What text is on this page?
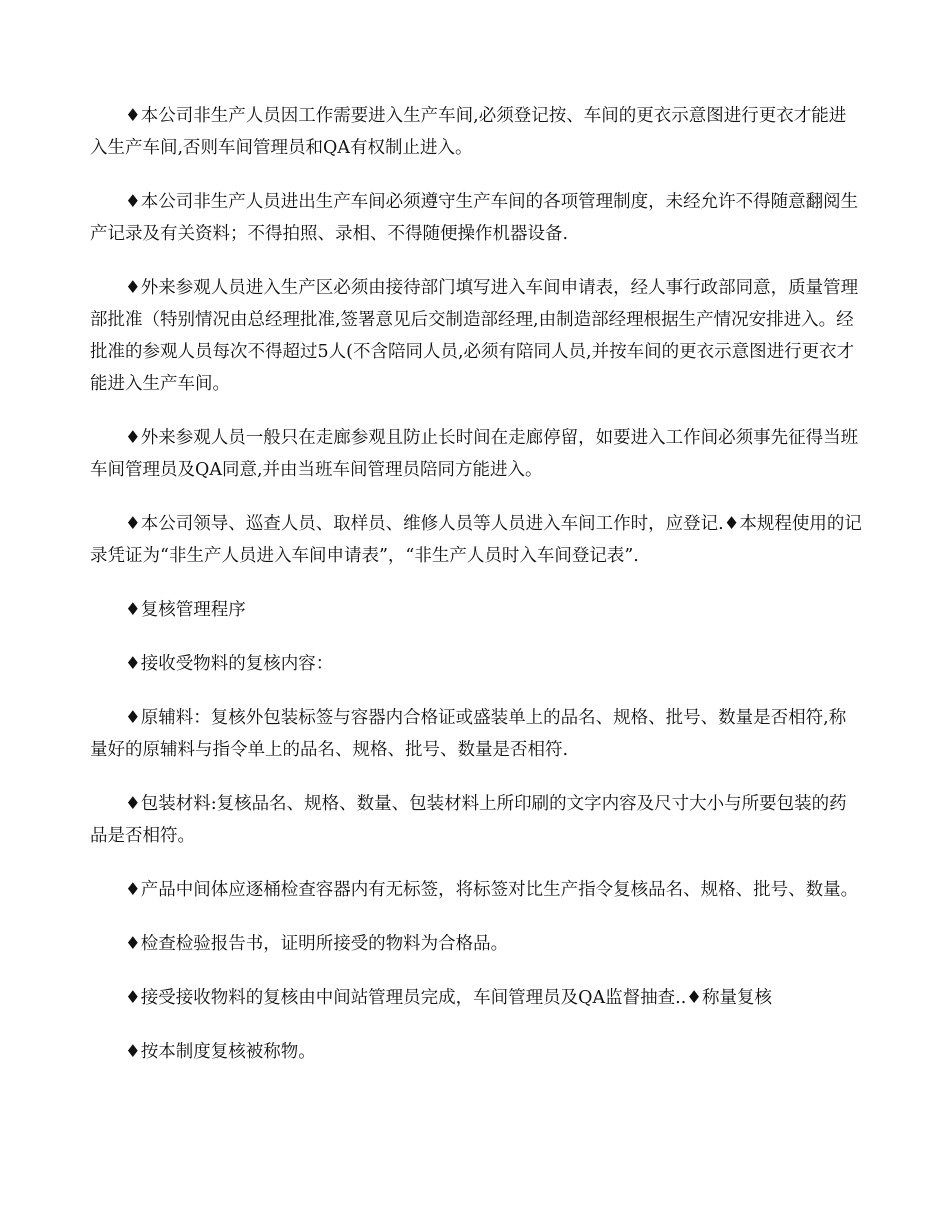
♦本公司非生产人员因工作需要进入生产车间,必须登记按、车间的更衣示意图进行更衣才能进入生产车间,否则车间管理员和QA有权制止进入。

♦本公司非生产人员进出生产车间必须遵守生产车间的各项管理制度，未经允许不得随意翻阅生产记录及有关资料；不得拍照、录相、不得随便操作机器设备.

♦外来参观人员进入生产区必须由接待部门填写进入车间申请表，经人事行政部同意，质量管理部批准（特别情况由总经理批准,签署意见后交制造部经理,由制造部经理根据生产情况安排进入。经批准的参观人员每次不得超过5人(不含陪同人员,必须有陪同人员,并按车间的更衣示意图进行更衣才能进入生产车间。

♦外来参观人员一般只在走廊参观且防止长时间在走廊停留，如要进入工作间必须事先征得当班车间管理员及QA同意,并由当班车间管理员陪同方能进入。

♦本公司领导、巡查人员、取样员、维修人员等人员进入车间工作时，应登记.♦本规程使用的记录凭证为“非生产人员进入车间申请表”，“非生产人员时入车间登记表”.

♦复核管理程序

♦接收受物料的复核内容：

♦原辅料：复核外包装标签与容器内合格证或盛装单上的品名、规格、批号、数量是否相符,称量好的原辅料与指令单上的品名、规格、批号、数量是否相符.

♦包装材料:复核品名、规格、数量、包装材料上所印刷的文字内容及尺寸大小与所要包装的药品是否相符。

♦产品中间体应逐桶检查容器内有无标签，将标签对比生产指令复核品名、规格、批号、数量。

♦检查检验报告书，证明所接受的物料为合格品。

♦接受接收物料的复核由中间站管理员完成，车间管理员及QA监督抽查..♦称量复核

♦按本制度复核被称物。
